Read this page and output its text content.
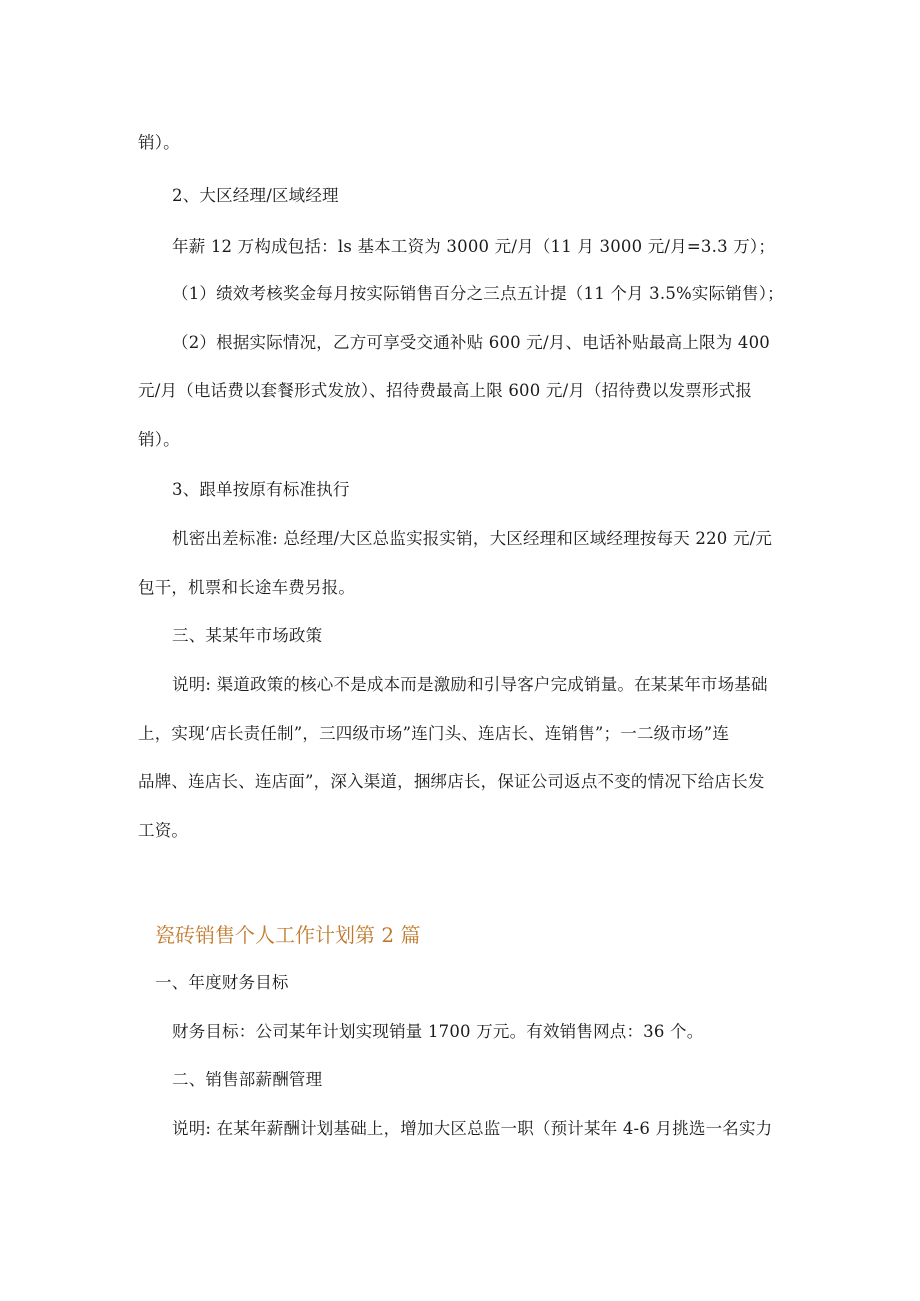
销）。
2、大区经理/区域经理
年薪 12 万构成包括：ls 基本工资为 3000 元/月（11 月 3000 元/月=3.3 万）；
（1）绩效考核奖金每月按实际销售百分之三点五计提（11 个月 3.5%实际销售）；
（2）根据实际情况，乙方可享受交通补贴 600 元/月、电话补贴最高上限为 400
元/月（电话费以套餐形式发放）、招待费最高上限 600 元/月（招待费以发票形式报
销）。
3、跟单按原有标准执行
机密出差标准: 总经理/大区总监实报实销，大区经理和区域经理按每天 220 元/元
包干，机票和长途车费另报。
三、某某年市场政策
说明: 渠道政策的核心不是成本而是激励和引导客户完成销量。在某某年市场基础
上，实现‘店长责任制”，三四级市场”连门头、连店长、连销售”；一二级市场”连
品牌、连店长、连店面”，深入渠道，捆绑店长，保证公司返点不变的情况下给店长发
工资。
瓷砖销售个人工作计划第 2 篇
一、年度财务目标
财务目标：公司某年计划实现销量 1700 万元。有效销售网点：36 个。
二、销售部薪酬管理
说明: 在某年薪酬计划基础上，增加大区总监一职（预计某年 4-6 月挑选一名实力
